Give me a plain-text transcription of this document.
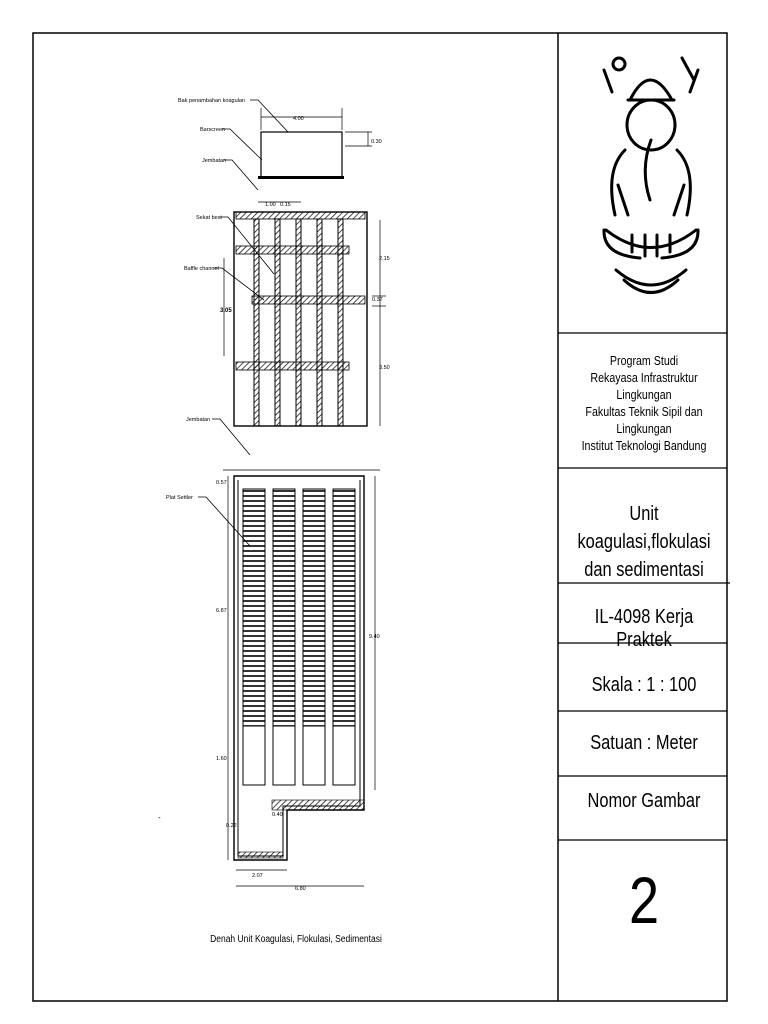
Bak penambahan koagulan
Barscreen
Jembatan
Sekat besi
Baffle channel
Jembatan
Plat Settler
4.00
0.30
1.00 0.15
3.05
2.15
0.37
3.50
0.57
6.87
9.40
1.60
0.22
0.40
2.07
6.80
-
Denah Unit Koagulasi, Flokulasi, Sedimentasi
Program Studi
Rekayasa Infrastruktur Lingkungan
Fakultas Teknik Sipil dan Lingkungan
Institut Teknologi Bandung
Unit koagulasi,flokulasi
dan sedimentasi
IL-4098 Kerja Praktek
Skala : 1 : 100
Satuan : Meter
Nomor Gambar
2
